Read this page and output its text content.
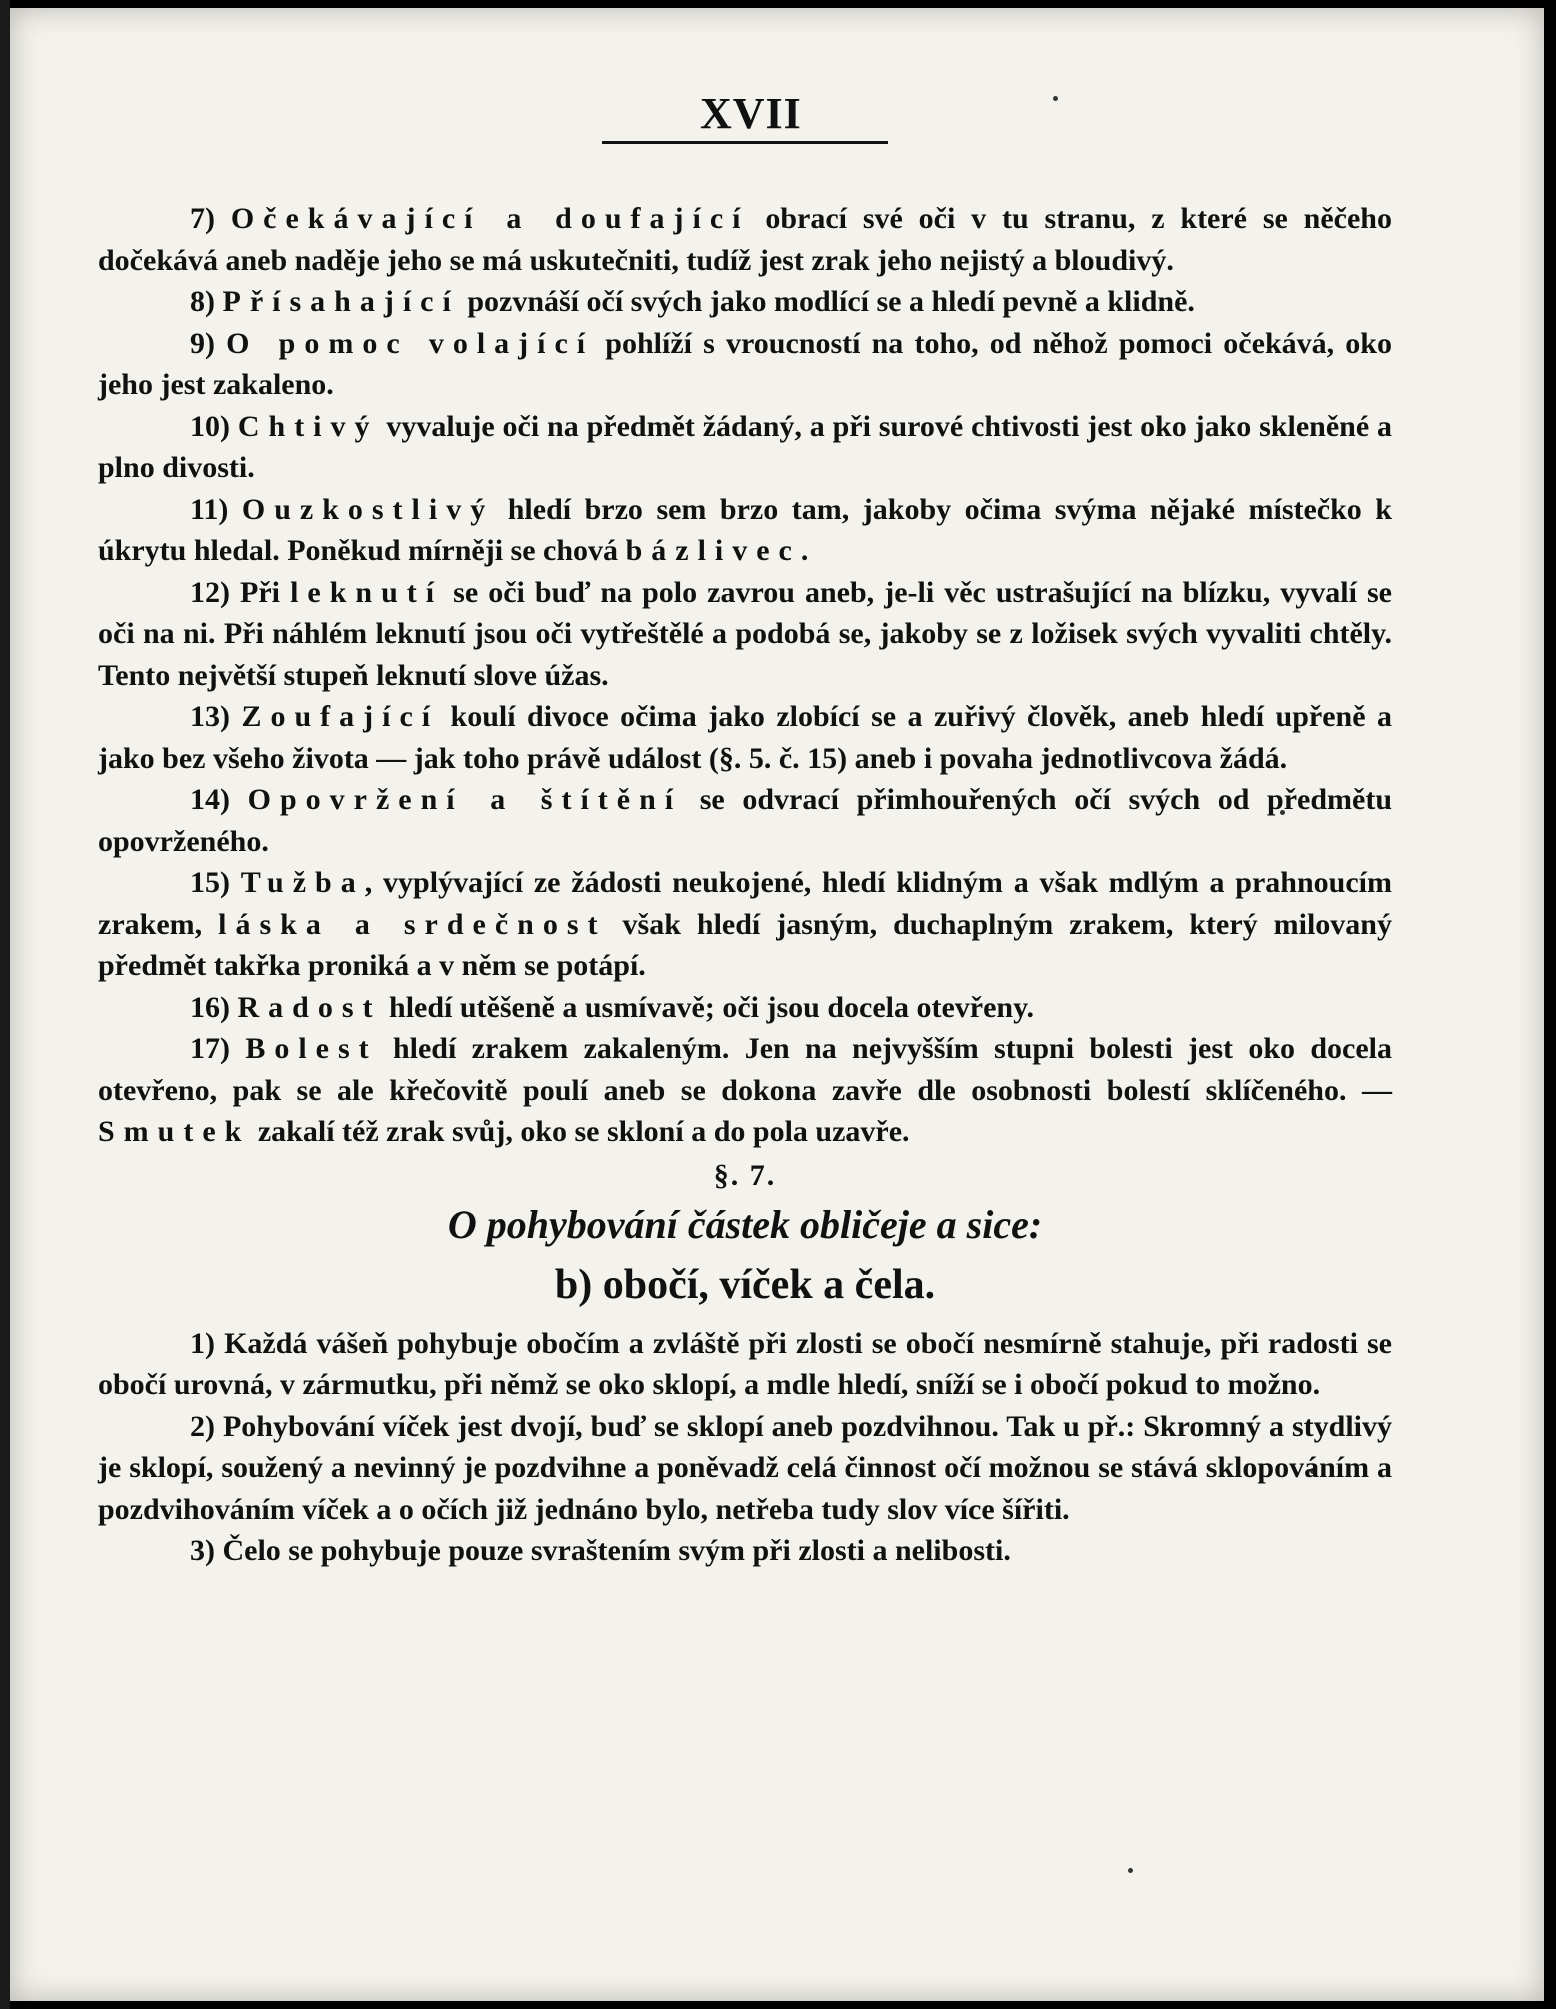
XVII

7) Očekávající a doufající obrací své oči v tu stranu, z které se něčeho dočekává aneb naděje jeho se má uskutečniti, tudíž jest zrak jeho nejistý a bloudivý.

8) Přísahající pozvnáší očí svých jako modlící se a hledí pevně a klidně.

9) O pomoc volající pohlíží s vroucností na toho, od něhož pomoci očekává, oko jeho jest zakaleno.

10) Chtivý vyvaluje oči na předmět žádaný, a při surové chtivosti jest oko jako skleněné a plno divosti.

11) Ouzkostlivý hledí brzo sem brzo tam, jakoby očima svýma nějaké místečko k úkrytu hledal. Poněkud mírněji se chová bázlivec.

12) Při leknutí se oči buď na polo zavrou aneb, je-li věc ustrašující na blízku, vyvalí se oči na ni. Při náhlém leknutí jsou oči vytřeštělé a podobá se, jakoby se z ložisek svých vyvaliti chtěly. Tento největší stupeň leknutí slove úžas.

13) Zoufající koulí divoce očima jako zlobící se a zuřivý člověk, aneb hledí upřeně a jako bez všeho života — jak toho právě událost (§. 5. č. 15) aneb i povaha jednotlivcova žádá.

14) Opovržení a štítění se odvrací přimhouřených očí svých od předmětu opovrženého.

15) Tužba, vyplývající ze žádosti neukojené, hledí klidným a však mdlým a prahnoucím zrakem, láska a srdečnost však hledí jasným, duchaplným zrakem, který milovaný předmět takřka proniká a v něm se potápí.

16) Radost hledí utěšeně a usmívavě; oči jsou docela otevřeny.

17) Bolest hledí zrakem zakaleným. Jen na nejvyšším stupni bolesti jest oko docela otevřeno, pak se ale křečovitě poulí aneb se dokona zavře dle osobnosti bolestí sklíčeného. — Smutek zakalí též zrak svůj, oko se skloní a do pola uzavře.

§. 7.

O pohybování částek obličeje a sice:

b) obočí, víček a čela.

1) Každá vášeň pohybuje obočím a zvláště při zlosti se obočí nesmírně stahuje, při radosti se obočí urovná, v zármutku, při němž se oko sklopí, a mdle hledí, sníží se i obočí pokud to možno.

2) Pohybování víček jest dvojí, buď se sklopí aneb pozdvihnou. Tak u př.: Skromný a stydlivý je sklopí, soužený a nevinný je pozdvihne a poněvadž celá činnost očí možnou se stává sklopováním a pozdvihováním víček a o očích již jednáno bylo, netřeba tudy slov více šířiti.

3) Čelo se pohybuje pouze svraštením svým při zlosti a nelibosti.
